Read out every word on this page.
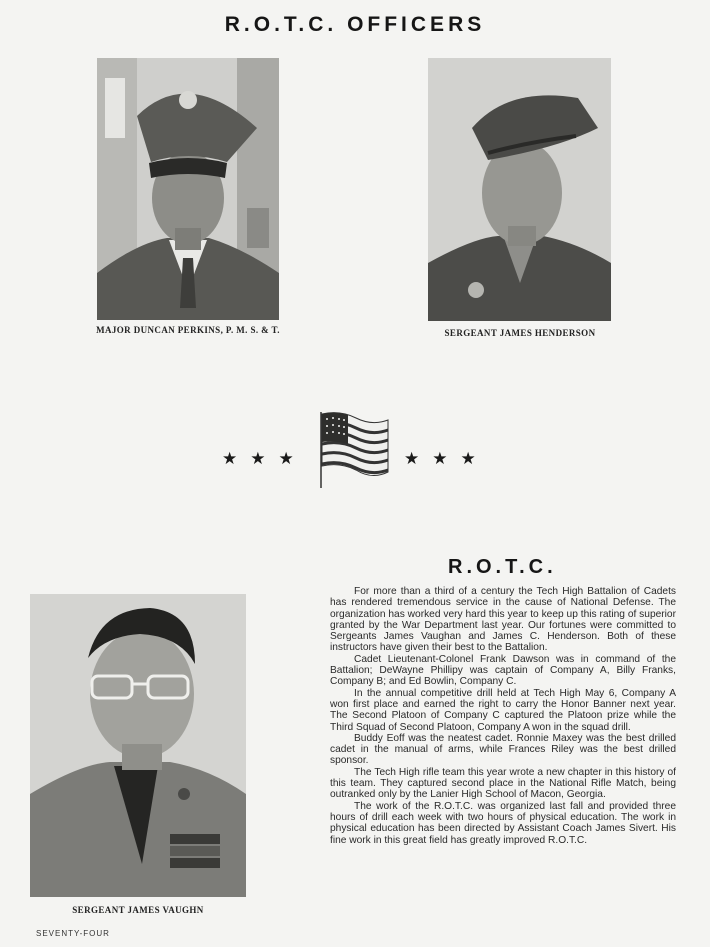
R.O.T.C. OFFICERS
MAJOR DUNCAN PERKINS, P. M. S. & T.	SERGEANT JAMES HENDERSON
★★★	★★★
R.O.T.C.
SERGEANT JAMES VAUGHN

For more than a third of a century the Tech High Battalion of Cadets has rendered tremendous service in the cause of National Defense. The organization has worked very hard this year to keep up this rating of superior granted by the War Department last year. Our fortunes were committed to Sergeants James Vaughan and James C. Henderson. Both of these instructors have given their best to the Battalion.

Cadet Lieutenant-Colonel Frank Dawson was in command of the Battalion; DeWayne Phillipy was captain of Company A, Billy Franks, Company B; and Ed Bowlin, Company C.

In the annual competitive drill held at Tech High May 6, Company A won first place and earned the right to carry the Honor Banner next year. The Second Platoon of Company C captured the Platoon prize while the Third Squad of Second Platoon, Company A won in the squad drill.

Buddy Eoff was the neatest cadet. Ronnie Maxey was the best drilled cadet in the manual of arms, while Frances Riley was the best drilled sponsor.

The Tech High rifle team this year wrote a new chapter in this history of this team. They captured second place in the National Rifle Match, being outranked only by the Lanier High School of Macon, Georgia.

The work of the R.O.T.C. was organized last fall and provided three hours of drill each week with two hours of physical education. The work in physical education has been directed by Assistant Coach James Sivert. His fine work in this great field has greatly improved R.O.T.C.

SEVENTY-FOUR
